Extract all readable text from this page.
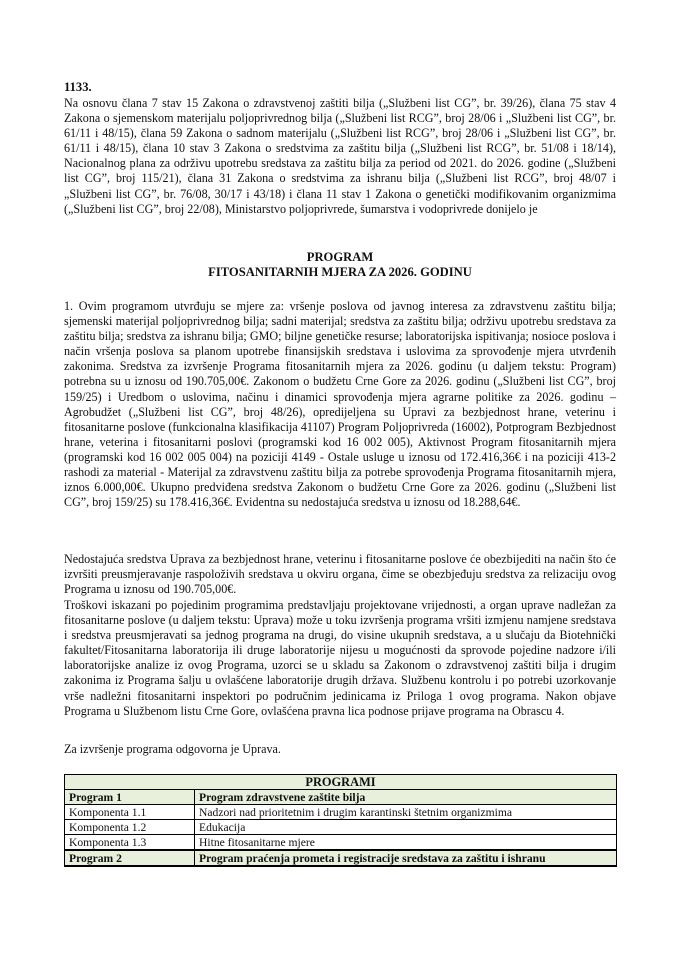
1133.

Na osnovu člana 7 stav 15 Zakona o zdravstvenoj zaštiti bilja („Službeni list CG”, br. 39/26), člana 75 stav 4 Zakona o sjemenskom materijalu poljoprivrednog bilja („Službeni list RCG”, broj 28/06 i „Službeni list CG”, br. 61/11 i 48/15), člana 59 Zakona o sadnom materijalu („Službeni list RCG”, broj 28/06 i „Službeni list CG”, br. 61/11 i 48/15), člana 10 stav 3 Zakona o sredstvima za zaštitu bilja („Službeni list RCG”, br. 51/08 i 18/14), Nacionalnog plana za održivu upotrebu sredstava za zaštitu bilja za period od 2021. do 2026. godine („Službeni list CG”, broj 115/21), člana 31 Zakona o sredstvima za ishranu bilja („Službeni list RCG”, broj 48/07 i „Službeni list CG”, br. 76/08, 30/17 i 43/18) i člana 11 stav 1 Zakona o genetički modifikovanim organizmima („Službeni list CG”, broj 22/08), Ministarstvo poljoprivrede, šumarstva i vodoprivrede donijelo je

PROGRAM
FITOSANITARNIH MJERA ZA 2026. GODINU

1. Ovim programom utvrđuju se mjere za: vršenje poslova od javnog interesa za zdravstvenu zaštitu bilja; sjemenski materijal poljoprivrednog bilja; sadni materijal; sredstva za zaštitu bilja; održivu upotrebu sredstava za zaštitu bilja; sredstva za ishranu bilja; GMO; biljne genetičke resurse; laboratorijska ispitivanja; nosioce poslova i način vršenja poslova sa planom upotrebe finansijskih sredstava i uslovima za sprovođenje mjera utvrđenih zakonima. Sredstva za izvršenje Programa fitosanitarnih mjera za 2026. godinu (u daljem tekstu: Program) potrebna su u iznosu od 190.705,00€. Zakonom o budžetu Crne Gore za 2026. godinu („Službeni list CG”, broj 159/25) i Uredbom o uslovima, načinu i dinamici sprovođenja mjera agrarne politike za 2026. godinu – Agrobudžet („Službeni list CG”, broj 48/26), opredijeljena su Upravi za bezbjednost hrane, veterinu i fitosanitarne poslove (funkcionalna klasifikacija 41107) Program Poljoprivreda (16002), Potprogram Bezbjednost hrane, veterina i fitosanitarni poslovi (programski kod 16 002 005), Aktivnost Program fitosanitarnih mjera (programski kod 16 002 005 004) na poziciji 4149 - Ostale usluge u iznosu od 172.416,36€ i na poziciji 413-2 rashodi za material - Materijal za zdravstvenu zaštitu bilja za potrebe sprovođenja Programa fitosanitarnih mjera, iznos 6.000,00€. Ukupno predviđena sredstva Zakonom o budžetu Crne Gore za 2026. godinu („Službeni list CG”, broj 159/25) su 178.416,36€. Evidentna su nedostajuća sredstva u iznosu od 18.288,64€.

Nedostajuća sredstva Uprava za bezbjednost hrane, veterinu i fitosanitarne poslove će obezbijediti na način što će izvršiti preusmjeravanje raspoloživih sredstava u okviru organa, čime se obezbjeđuju sredstva za relizaciju ovog Programa u iznosu od 190.705,00€.

Troškovi iskazani po pojedinim programima predstavljaju projektovane vrijednosti, a organ uprave nadležan za fitosanitarne poslove (u daljem tekstu: Uprava) može u toku izvršenja programa vršiti izmjenu namjene sredstava i sredstva preusmjeravati sa jednog programa na drugi, do visine ukupnih sredstava, a u slučaju da Biotehnički fakultet/Fitosanitarna laboratorija ili druge laboratorije nijesu u mogućnosti da sprovode pojedine nadzore i/ili laboratorijske analize iz ovog Programa, uzorci se u skladu sa Zakonom o zdravstvenoj zaštiti bilja i drugim zakonima iz Programa šalju u ovlašćene laboratorije drugih država. Službenu kontrolu i po potrebi uzorkovanje vrše nadležni fitosanitarni inspektori po područnim jedinicama iz Priloga 1 ovog programa. Nakon objave Programa u Službenom listu Crne Gore, ovlašćena pravna lica podnose prijave programa na Obrascu 4.

Za izvršenje programa odgovorna je Uprava.

PROGRAMI	
Program 1	Program zdravstvene zaštite bilja
Komponenta 1.1	Nadzori nad prioritetnim i drugim karantinski štetnim organizmima
Komponenta 1.2	Edukacija
Komponenta 1.3	Hitne fitosanitarne mjere
Program 2	Program praćenja prometa i registracije sredstava za zaštitu i ishranu
